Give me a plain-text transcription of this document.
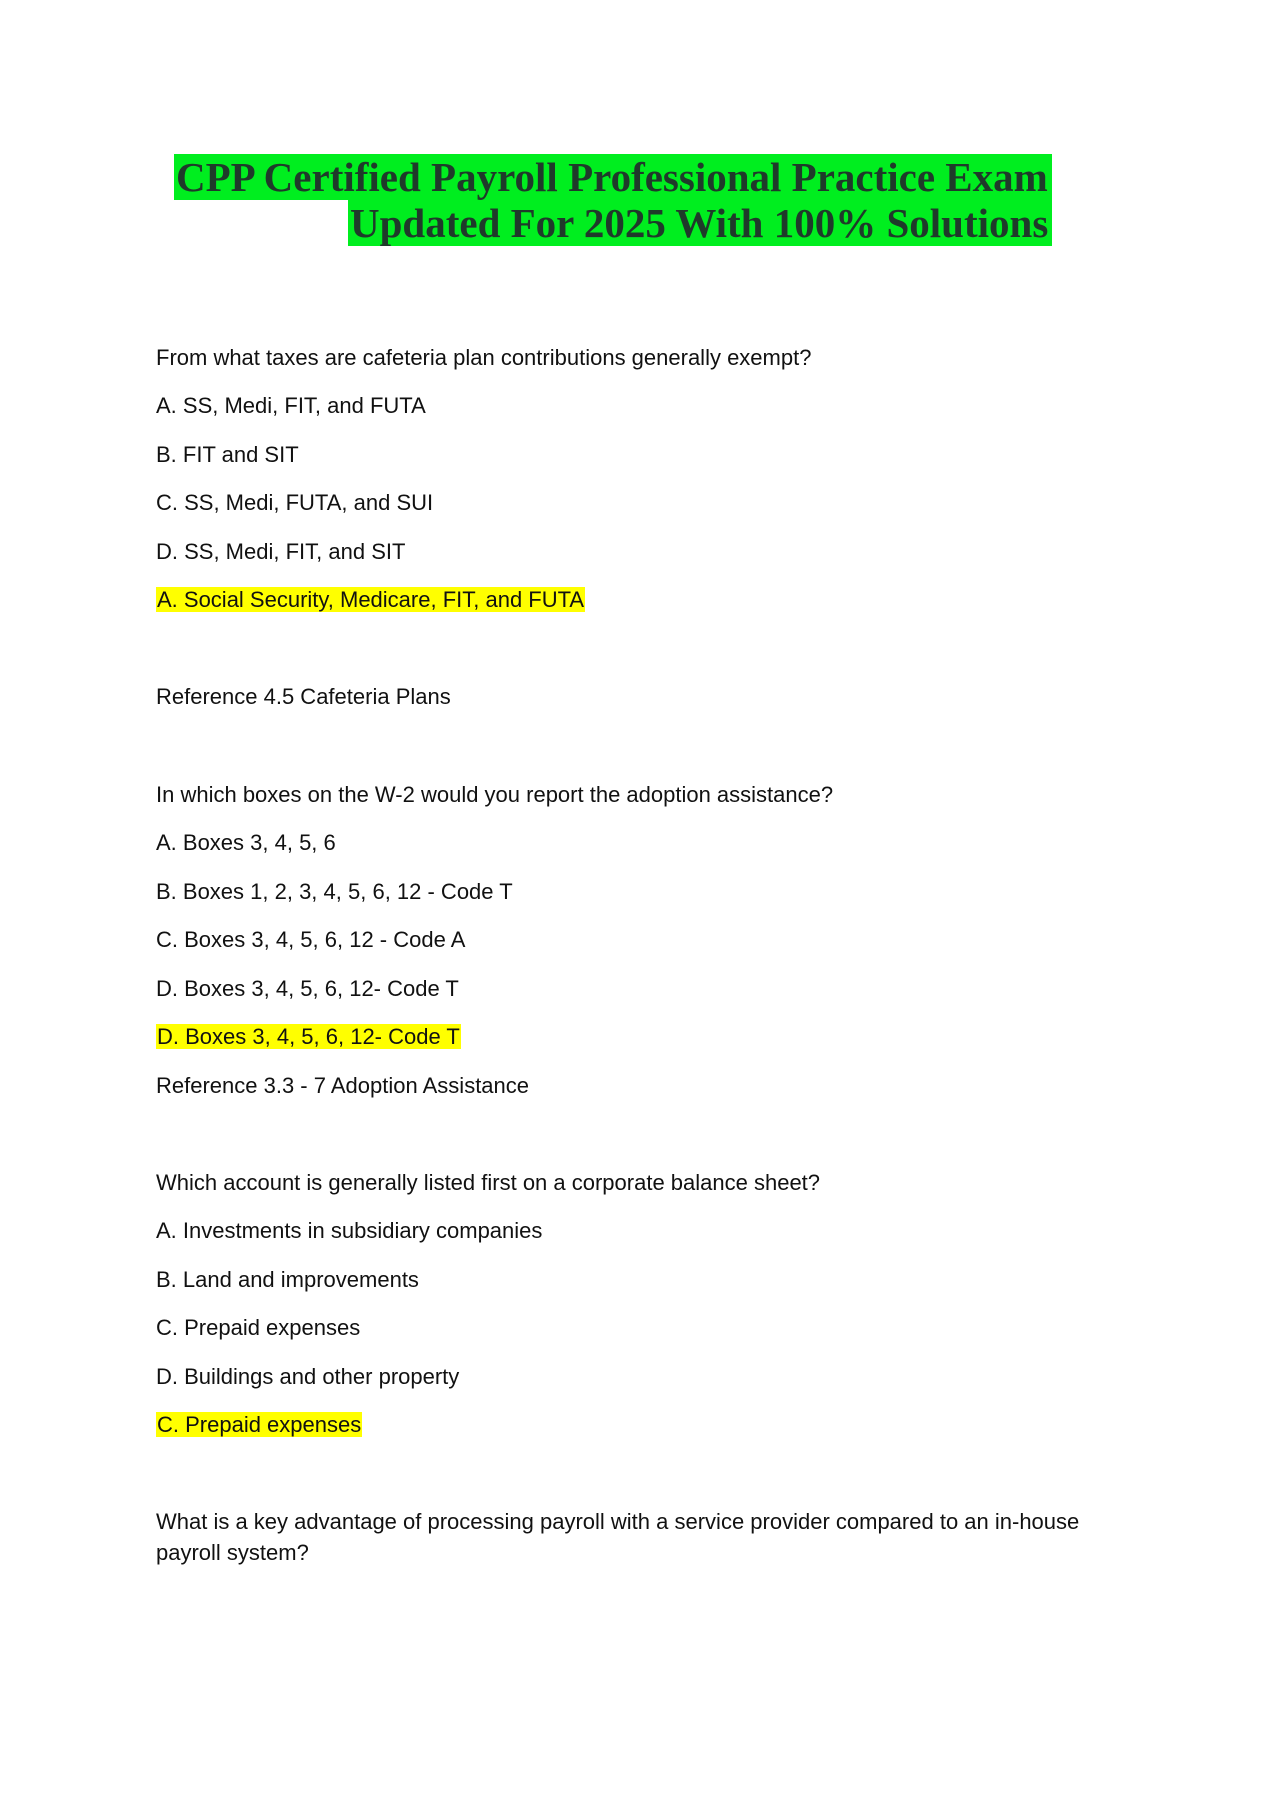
CPP Certified Payroll Professional Practice Exam
Updated For 2025 With 100% Solutions
From what taxes are cafeteria plan contributions generally exempt?
A. SS, Medi, FIT, and FUTA
B. FIT and SIT
C. SS, Medi, FUTA, and SUI
D. SS, Medi, FIT, and SIT
A. Social Security, Medicare, FIT, and FUTA
Reference 4.5 Cafeteria Plans
In which boxes on the W-2 would you report the adoption assistance?
A. Boxes 3, 4, 5, 6
B. Boxes 1, 2, 3, 4, 5, 6, 12 - Code T
C. Boxes 3, 4, 5, 6, 12 - Code A
D. Boxes 3, 4, 5, 6, 12- Code T
D. Boxes 3, 4, 5, 6, 12- Code T
Reference 3.3 - 7 Adoption Assistance
Which account is generally listed first on a corporate balance sheet?
A. Investments in subsidiary companies
B. Land and improvements
C. Prepaid expenses
D. Buildings and other property
C. Prepaid expenses
What is a key advantage of processing payroll with a service provider compared to an in-house
payroll system?
